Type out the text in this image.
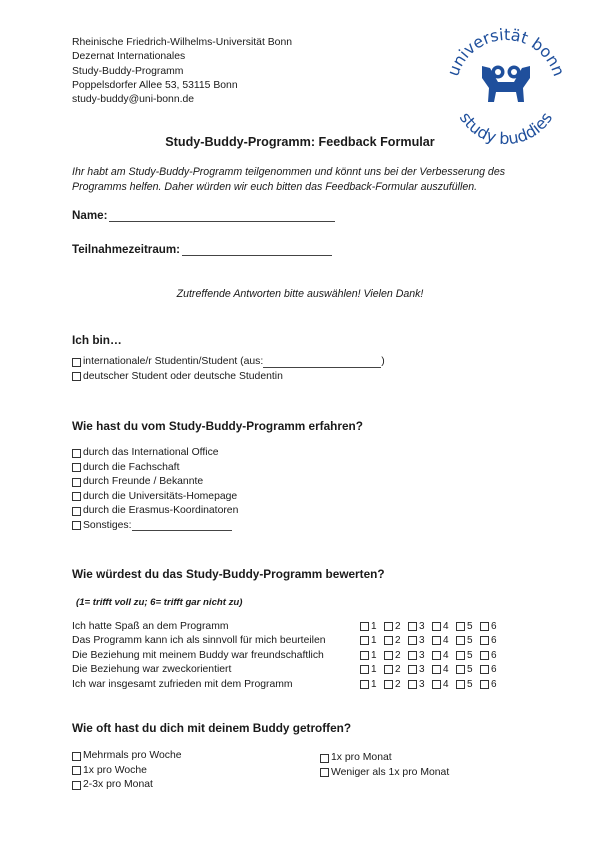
Rheinische Friedrich-Wilhelms-Universität Bonn
Dezernat Internationales
Study-Buddy-Programm
Poppelsdorfer Allee 53, 53115 Bonn
study-buddy@uni-bonn.de
universität bonn
study buddies
Study-Buddy-Programm: Feedback Formular
Ihr habt am Study-Buddy-Programm teilgenommen und könnt uns bei der Verbesserung des Programms helfen. Daher würden wir euch bitten das Feedback-Formular auszufüllen.
Name:
Teilnahmezeitraum:
Zutreffende Antworten bitte auswählen! Vielen Dank!
Ich bin…
internationale/r Studentin/Student (aus:	)
deutscher Student oder deutsche Studentin
Wie hast du vom Study-Buddy-Programm erfahren?
durch das International Office
durch die Fachschaft
durch Freunde / Bekannte
durch die Universitäts-Homepage
durch die Erasmus-Koordinatoren
Sonstiges:
Wie würdest du das Study-Buddy-Programm bewerten?
(1= trifft voll zu; 6= trifft gar nicht zu)
Ich hatte Spaß an dem Programm	1 2 3 4 5 6
Das Programm kann ich als sinnvoll für mich beurteilen	1 2 3 4 5 6
Die Beziehung mit meinem Buddy war freundschaftlich	1 2 3 4 5 6
Die Beziehung war zweckorientiert	1 2 3 4 5 6
Ich war insgesamt zufrieden mit dem Programm	1 2 3 4 5 6
Wie oft hast du dich mit deinem Buddy getroffen?
Mehrmals pro Woche
1x pro Woche
2-3x pro Monat
1x pro Monat
Weniger als 1x pro Monat
